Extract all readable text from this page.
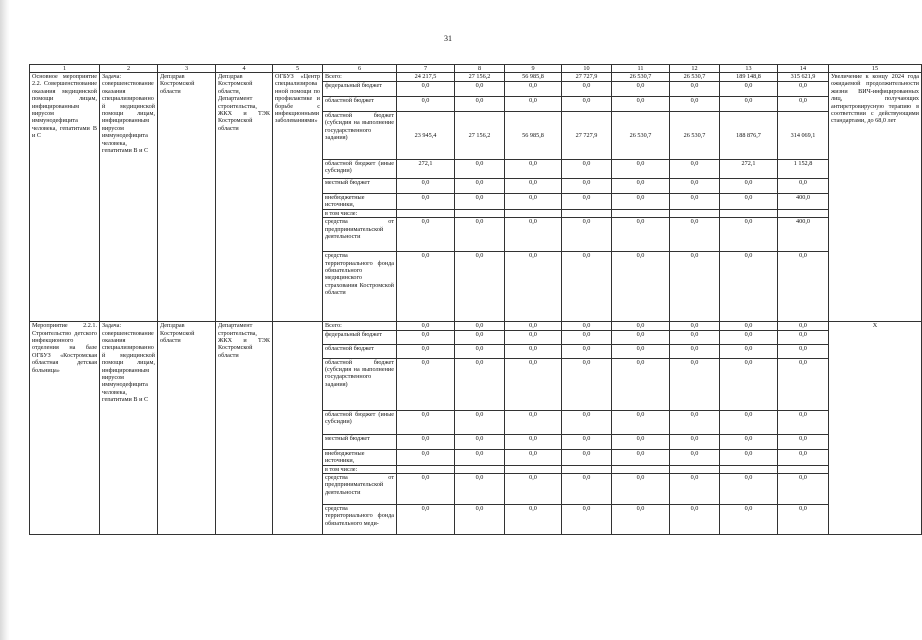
31
1	2	3	4	5	6	7	8	9	10	11	12	13	14	15
Основное мероприятие 2.2. Совершенствование оказания медицинской помощи лицам, инфицированным вирусом иммунодефицита человека, гепатитами В и С	Задача: совершенствование оказания специализированной медицинской помощи лицам, инфицированным вирусом иммунодефицита человека, гепатитами В и С	Депздрав Костромской области	Депздрав Костромской области, Департамент строительства, ЖКХ и ТЭК Костромской области	ОГБУЗ «Центр специализированной помощи по профилактике и борьбе с инфекционными заболеваниями»	Всего:	24 217,5	27 156,2	56 985,8	27 727,9	26 530,7	26 530,7	189 148,8	315 621,9	Увеличение к концу 2024 года ожидаемой продолжительности жизни ВИЧ-инфицированных лиц, получающих антиретровирусную терапию в соответствии с действующими стандартами, до 68,0 лет
					федеральный бюджет	0,0	0,0	0,0	0,0	0,0	0,0	0,0	0,0	
					областной бюджет	0,0	0,0	0,0	0,0	0,0	0,0	0,0	0,0	
					областной бюджет (субсидия на выполнение государственного задания)	23 945,4	27 156,2	56 985,8	27 727,9	26 530,7	26 530,7	188 876,7	314 069,1	
					областной бюджет (иные субсидии)	272,1	0,0	0,0	0,0	0,0	0,0	272,1	1 152,8	
					местный бюджет	0,0	0,0	0,0	0,0	0,0	0,0	0,0	0,0	
					внебюджетные источники,	0,0	0,0	0,0	0,0	0,0	0,0	0,0	400,0	
					в том числе:									
					средства от предпринимательской деятельности	0,0	0,0	0,0	0,0	0,0	0,0	0,0	400,0	
					средства территориального фонда обязательного медицинского страхования Костромской области	0,0	0,0	0,0	0,0	0,0	0,0	0,0	0,0	
Мероприятие 2.2.1. Строительство детского инфекционного отделения на базе ОГБУЗ «Костромская областная детская больница»	Задача: совершенствование оказания специализированной медицинской помощи лицам, инфицированным вирусом иммунодефицита человека, гепатитами В и С	Депздрав Костромской области	Департамент строительства, ЖКХ и ТЭК Костромской области		Всего:	0,0	0,0	0,0	0,0	0,0	0,0	0,0	0,0	Х
					федеральный бюджет	0,0	0,0	0,0	0,0	0,0	0,0	0,0	0,0	
					областной бюджет	0,0	0,0	0,0	0,0	0,0	0,0	0,0	0,0	
					областной бюджет (субсидия на выполнение государственного задания)	0,0	0,0	0,0	0,0	0,0	0,0	0,0	0,0	
					областной бюджет (иные субсидии)	0,0	0,0	0,0	0,0	0,0	0,0	0,0	0,0	
					местный бюджет	0,0	0,0	0,0	0,0	0,0	0,0	0,0	0,0	
					внебюджетные источники,	0,0	0,0	0,0	0,0	0,0	0,0	0,0	0,0	
					в том числе:									
					средства от предпринимательской деятельности	0,0	0,0	0,0	0,0	0,0	0,0	0,0	0,0	
					средства территориального фонда обязательного меди-	0,0	0,0	0,0	0,0	0,0	0,0	0,0	0,0	
